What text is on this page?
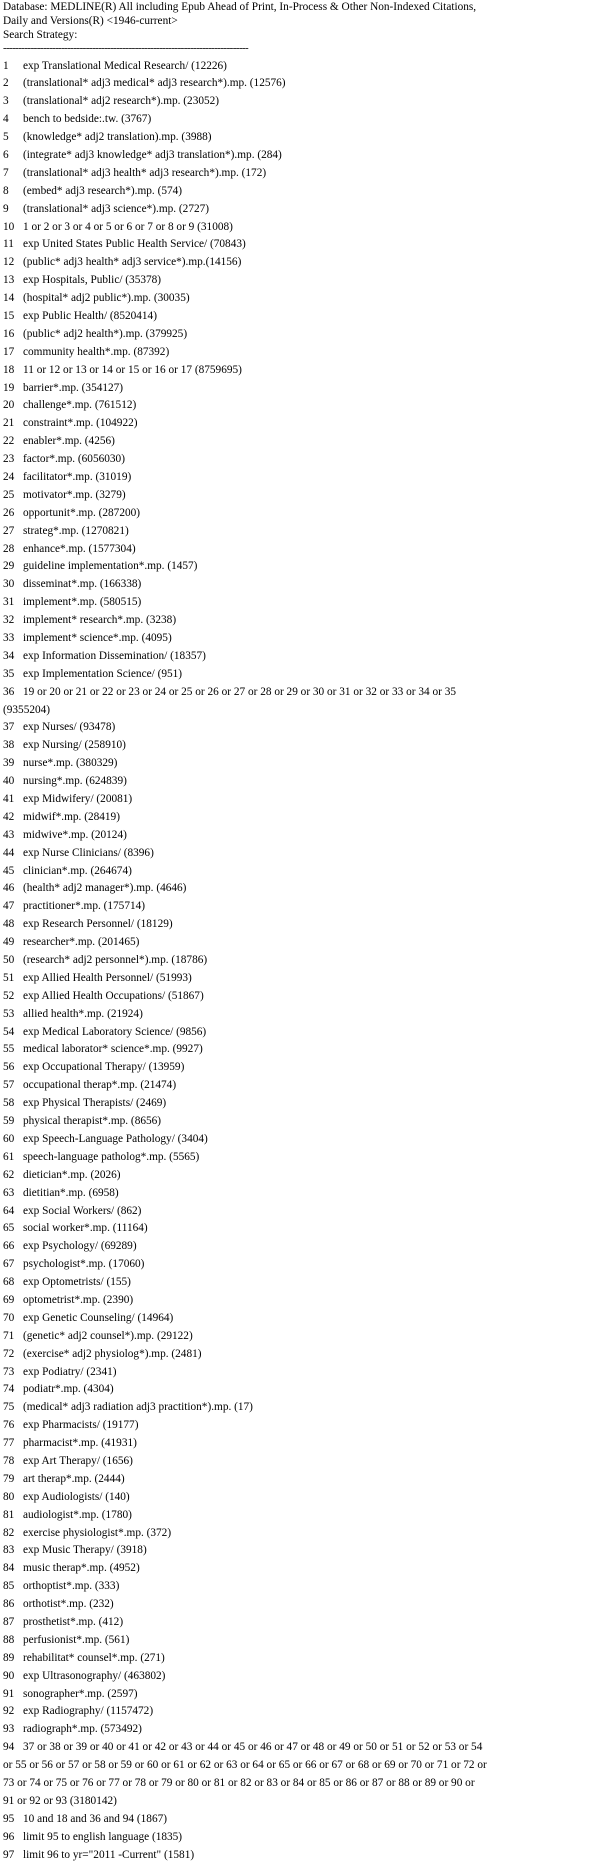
Database: MEDLINE(R) All including Epub Ahead of Print, In-Process & Other Non-Indexed Citations,
Daily and Versions(R) <1946-current>
Search Strategy:
--------------------------------------------------------------------------------
1 exp Translational Medical Research/ (12226)
2 (translational* adj3 medical* adj3 research*).mp. (12576)
3 (translational* adj2 research*).mp. (23052)
4 bench to bedside:.tw. (3767)
5 (knowledge* adj2 translation).mp. (3988)
6 (integrate* adj3 knowledge* adj3 translation*).mp. (284)
7 (translational* adj3 health* adj3 research*).mp. (172)
8 (embed* adj3 research*).mp. (574)
9 (translational* adj3 science*).mp. (2727)
10 1 or 2 or 3 or 4 or 5 or 6 or 7 or 8 or 9 (31008)
11 exp United States Public Health Service/ (70843)
12 (public* adj3 health* adj3 service*).mp.(14156)
13 exp Hospitals, Public/ (35378)
14 (hospital* adj2 public*).mp. (30035)
15 exp Public Health/ (8520414)
16 (public* adj2 health*).mp. (379925)
17 community health*.mp. (87392)
18 11 or 12 or 13 or 14 or 15 or 16 or 17 (8759695)
19 barrier*.mp. (354127)
20 challenge*.mp. (761512)
21 constraint*.mp. (104922)
22 enabler*.mp. (4256)
23 factor*.mp. (6056030)
24 facilitator*.mp. (31019)
25 motivator*.mp. (3279)
26 opportunit*.mp. (287200)
27 strateg*.mp. (1270821)
28 enhance*.mp. (1577304)
29 guideline implementation*.mp. (1457)
30 disseminat*.mp. (166338)
31 implement*.mp. (580515)
32 implement* research*.mp. (3238)
33 implement* science*.mp. (4095)
34 exp Information Dissemination/ (18357)
35 exp Implementation Science/ (951)
36 19 or 20 or 21 or 22 or 23 or 24 or 25 or 26 or 27 or 28 or 29 or 30 or 31 or 32 or 33 or 34 or 35
(9355204)
37 exp Nurses/ (93478)
38 exp Nursing/ (258910)
39 nurse*.mp. (380329)
40 nursing*.mp. (624839)
41 exp Midwifery/ (20081)
42 midwif*.mp. (28419)
43 midwive*.mp. (20124)
44 exp Nurse Clinicians/ (8396)
45 clinician*.mp. (264674)
46 (health* adj2 manager*).mp. (4646)
47 practitioner*.mp. (175714)
48 exp Research Personnel/ (18129)
49 researcher*.mp. (201465)
50 (research* adj2 personnel*).mp. (18786)
51 exp Allied Health Personnel/ (51993)
52 exp Allied Health Occupations/ (51867)
53 allied health*.mp. (21924)
54 exp Medical Laboratory Science/ (9856)
55 medical laborator* science*.mp. (9927)
56 exp Occupational Therapy/ (13959)
57 occupational therap*.mp. (21474)
58 exp Physical Therapists/ (2469)
59 physical therapist*.mp. (8656)
60 exp Speech-Language Pathology/ (3404)
61 speech-language patholog*.mp. (5565)
62 dietician*.mp. (2026)
63 dietitian*.mp. (6958)
64 exp Social Workers/ (862)
65 social worker*.mp. (11164)
66 exp Psychology/ (69289)
67 psychologist*.mp. (17060)
68 exp Optometrists/ (155)
69 optometrist*.mp. (2390)
70 exp Genetic Counseling/ (14964)
71 (genetic* adj2 counsel*).mp. (29122)
72 (exercise* adj2 physiolog*).mp. (2481)
73 exp Podiatry/ (2341)
74 podiatr*.mp. (4304)
75 (medical* adj3 radiation adj3 practition*).mp. (17)
76 exp Pharmacists/ (19177)
77 pharmacist*.mp. (41931)
78 exp Art Therapy/ (1656)
79 art therap*.mp. (2444)
80 exp Audiologists/ (140)
81 audiologist*.mp. (1780)
82 exercise physiologist*.mp. (372)
83 exp Music Therapy/ (3918)
84 music therap*.mp. (4952)
85 orthoptist*.mp. (333)
86 orthotist*.mp. (232)
87 prosthetist*.mp. (412)
88 perfusionist*.mp. (561)
89 rehabilitat* counsel*.mp. (271)
90 exp Ultrasonography/ (463802)
91 sonographer*.mp. (2597)
92 exp Radiography/ (1157472)
93 radiograph*.mp. (573492)
94 37 or 38 or 39 or 40 or 41 or 42 or 43 or 44 or 45 or 46 or 47 or 48 or 49 or 50 or 51 or 52 or 53 or 54
or 55 or 56 or 57 or 58 or 59 or 60 or 61 or 62 or 63 or 64 or 65 or 66 or 67 or 68 or 69 or 70 or 71 or 72 or
73 or 74 or 75 or 76 or 77 or 78 or 79 or 80 or 81 or 82 or 83 or 84 or 85 or 86 or 87 or 88 or 89 or 90 or
91 or 92 or 93 (3180142)
95 10 and 18 and 36 and 94 (1867)
96 limit 95 to english language (1835)
97 limit 96 to yr="2011 -Current" (1581)
